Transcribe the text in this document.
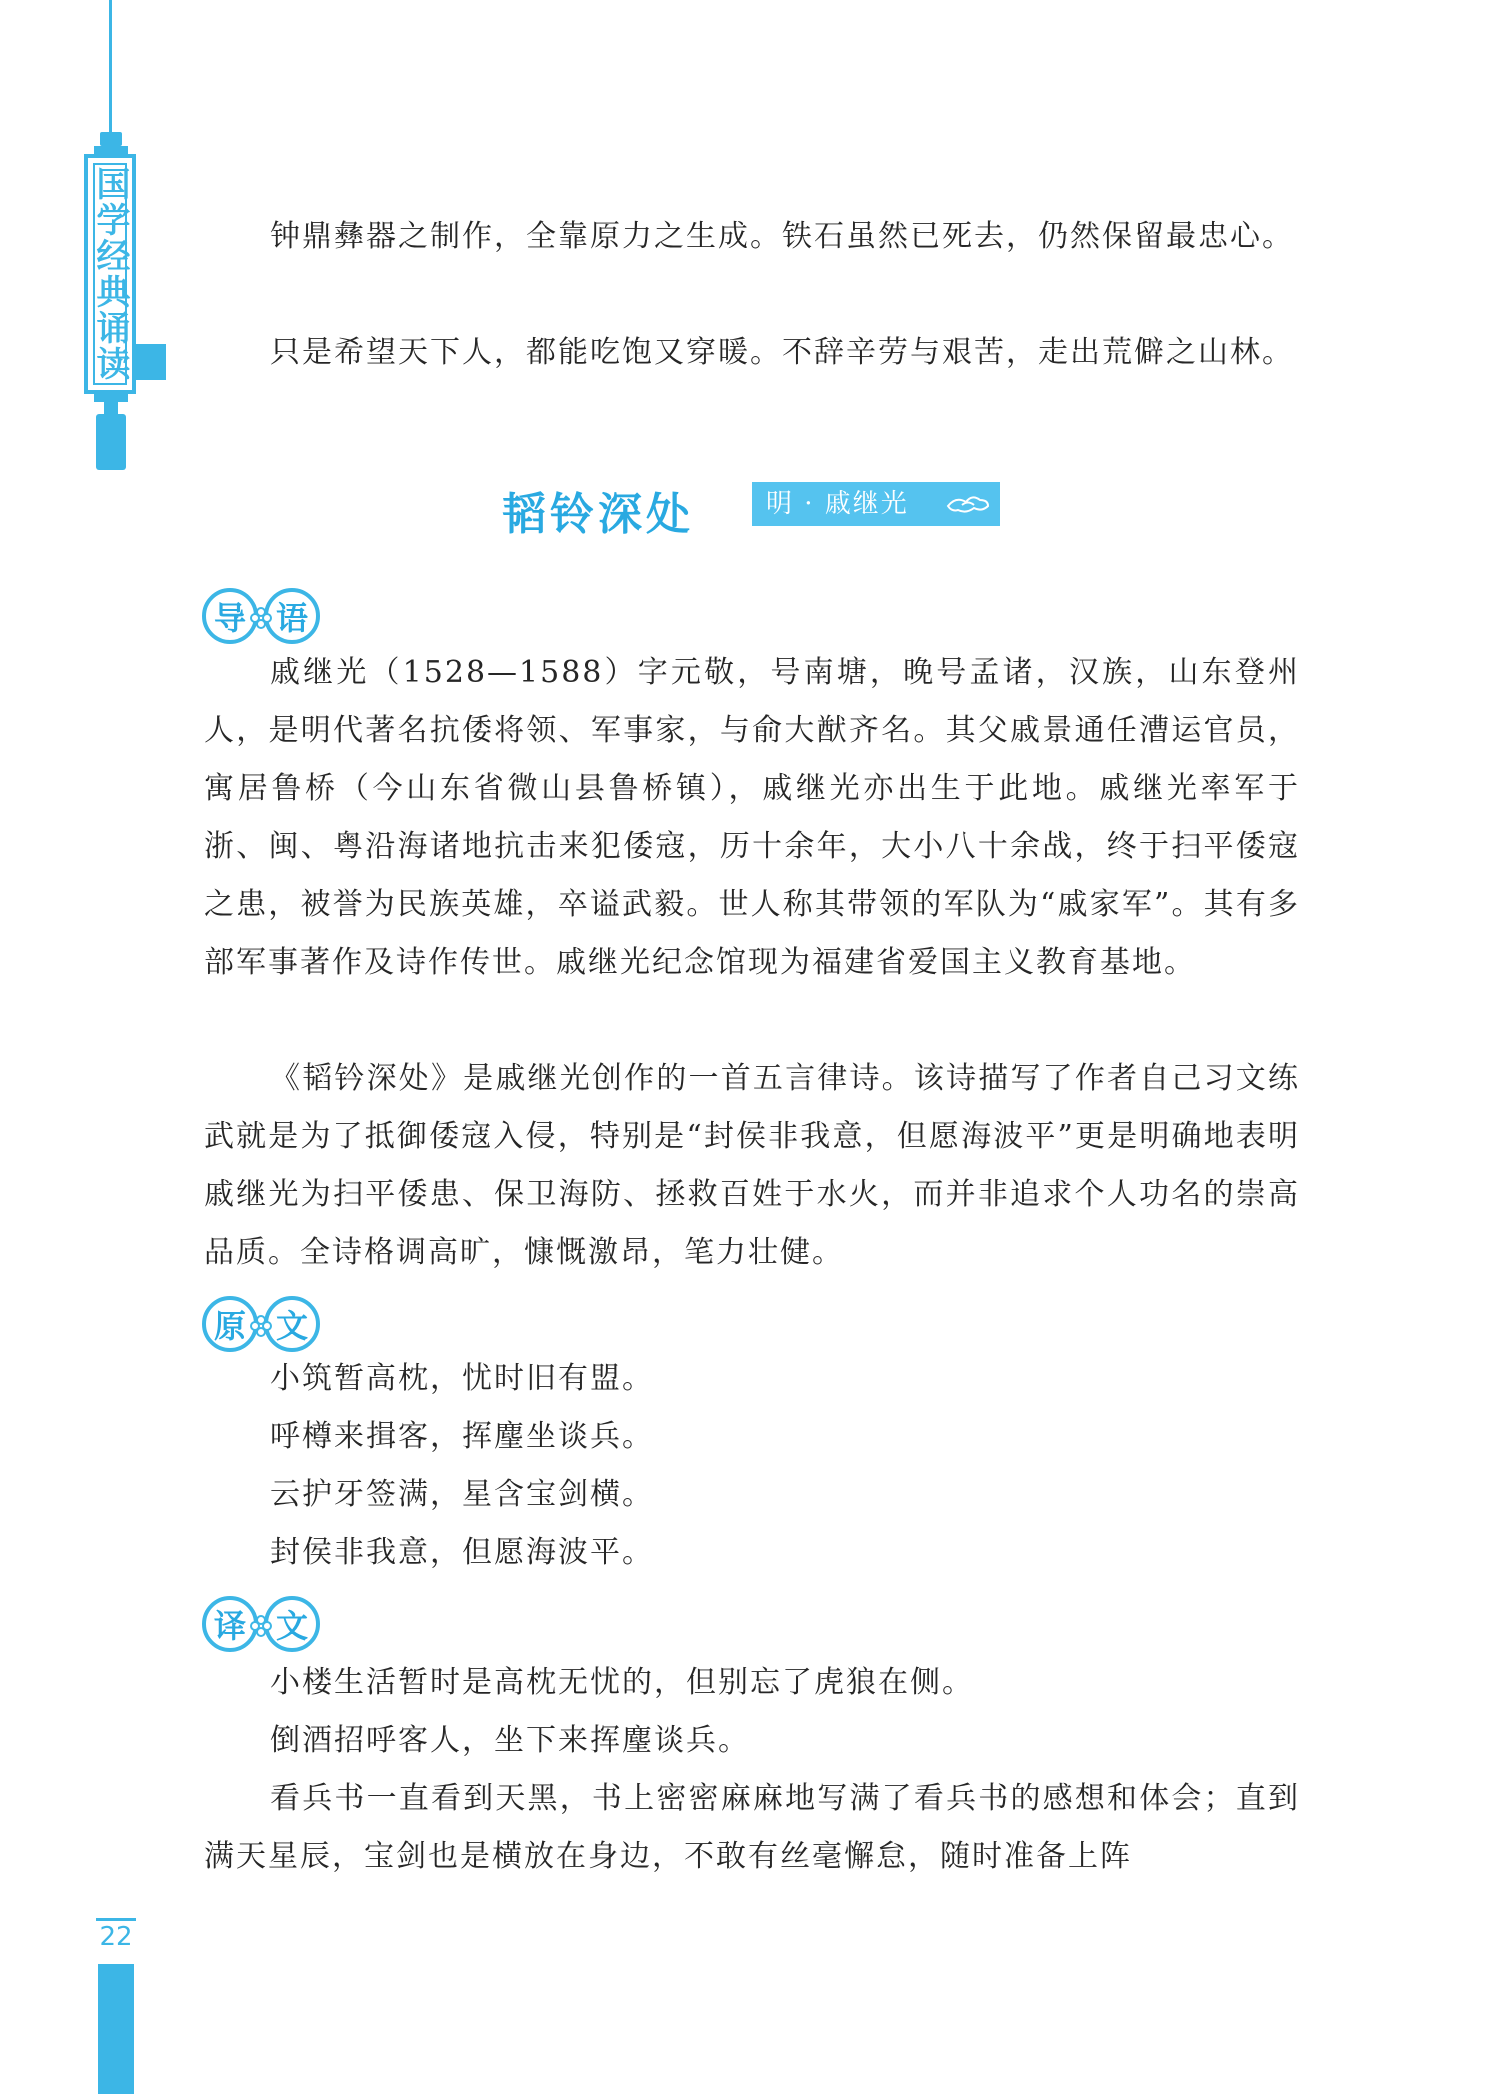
国学经典诵读	钟鼎彝器之制作，全靠原力之生成。铁石虽然已死去，仍然保留最忠心。

只是希望天下人，都能吃饱又穿暖。不辞辛劳与艰苦，走出荒僻之山林。

韬铃深处	明 · 戚继光
导 语

戚继光（1528—1588）字元敬，号南塘，晚号孟诸，汉族，山东登州人，是明代著名抗倭将领、军事家，与俞大猷齐名。其父戚景通任漕运官员，寓居鲁桥（今山东省微山县鲁桥镇），戚继光亦出生于此地。戚继光率军于浙、闽、粤沿海诸地抗击来犯倭寇，历十余年，大小八十余战，终于扫平倭寇之患，被誉为民族英雄，卒谥武毅。世人称其带领的军队为“戚家军”。其有多部军事著作及诗作传世。戚继光纪念馆现为福建省爱国主义教育基地。

《韬钤深处》是戚继光创作的一首五言律诗。该诗描写了作者自己习文练武就是为了抵御倭寇入侵，特别是“封侯非我意，但愿海波平”更是明确地表明戚继光为扫平倭患、保卫海防、拯救百姓于水火，而并非追求个人功名的崇高品质。全诗格调高旷，慷慨激昂，笔力壮健。

原 文

小筑暂高枕，忧时旧有盟。

呼樽来揖客，挥麈坐谈兵。

云护牙签满，星含宝剑横。

封侯非我意，但愿海波平。

译 文

小楼生活暂时是高枕无忧的，但别忘了虎狼在侧。

倒酒招呼客人，坐下来挥麈谈兵。

看兵书一直看到天黑，书上密密麻麻地写满了看兵书的感想和体会；直到满天星辰，宝剑也是横放在身边，不敢有丝毫懈怠，随时准备上阵

22
